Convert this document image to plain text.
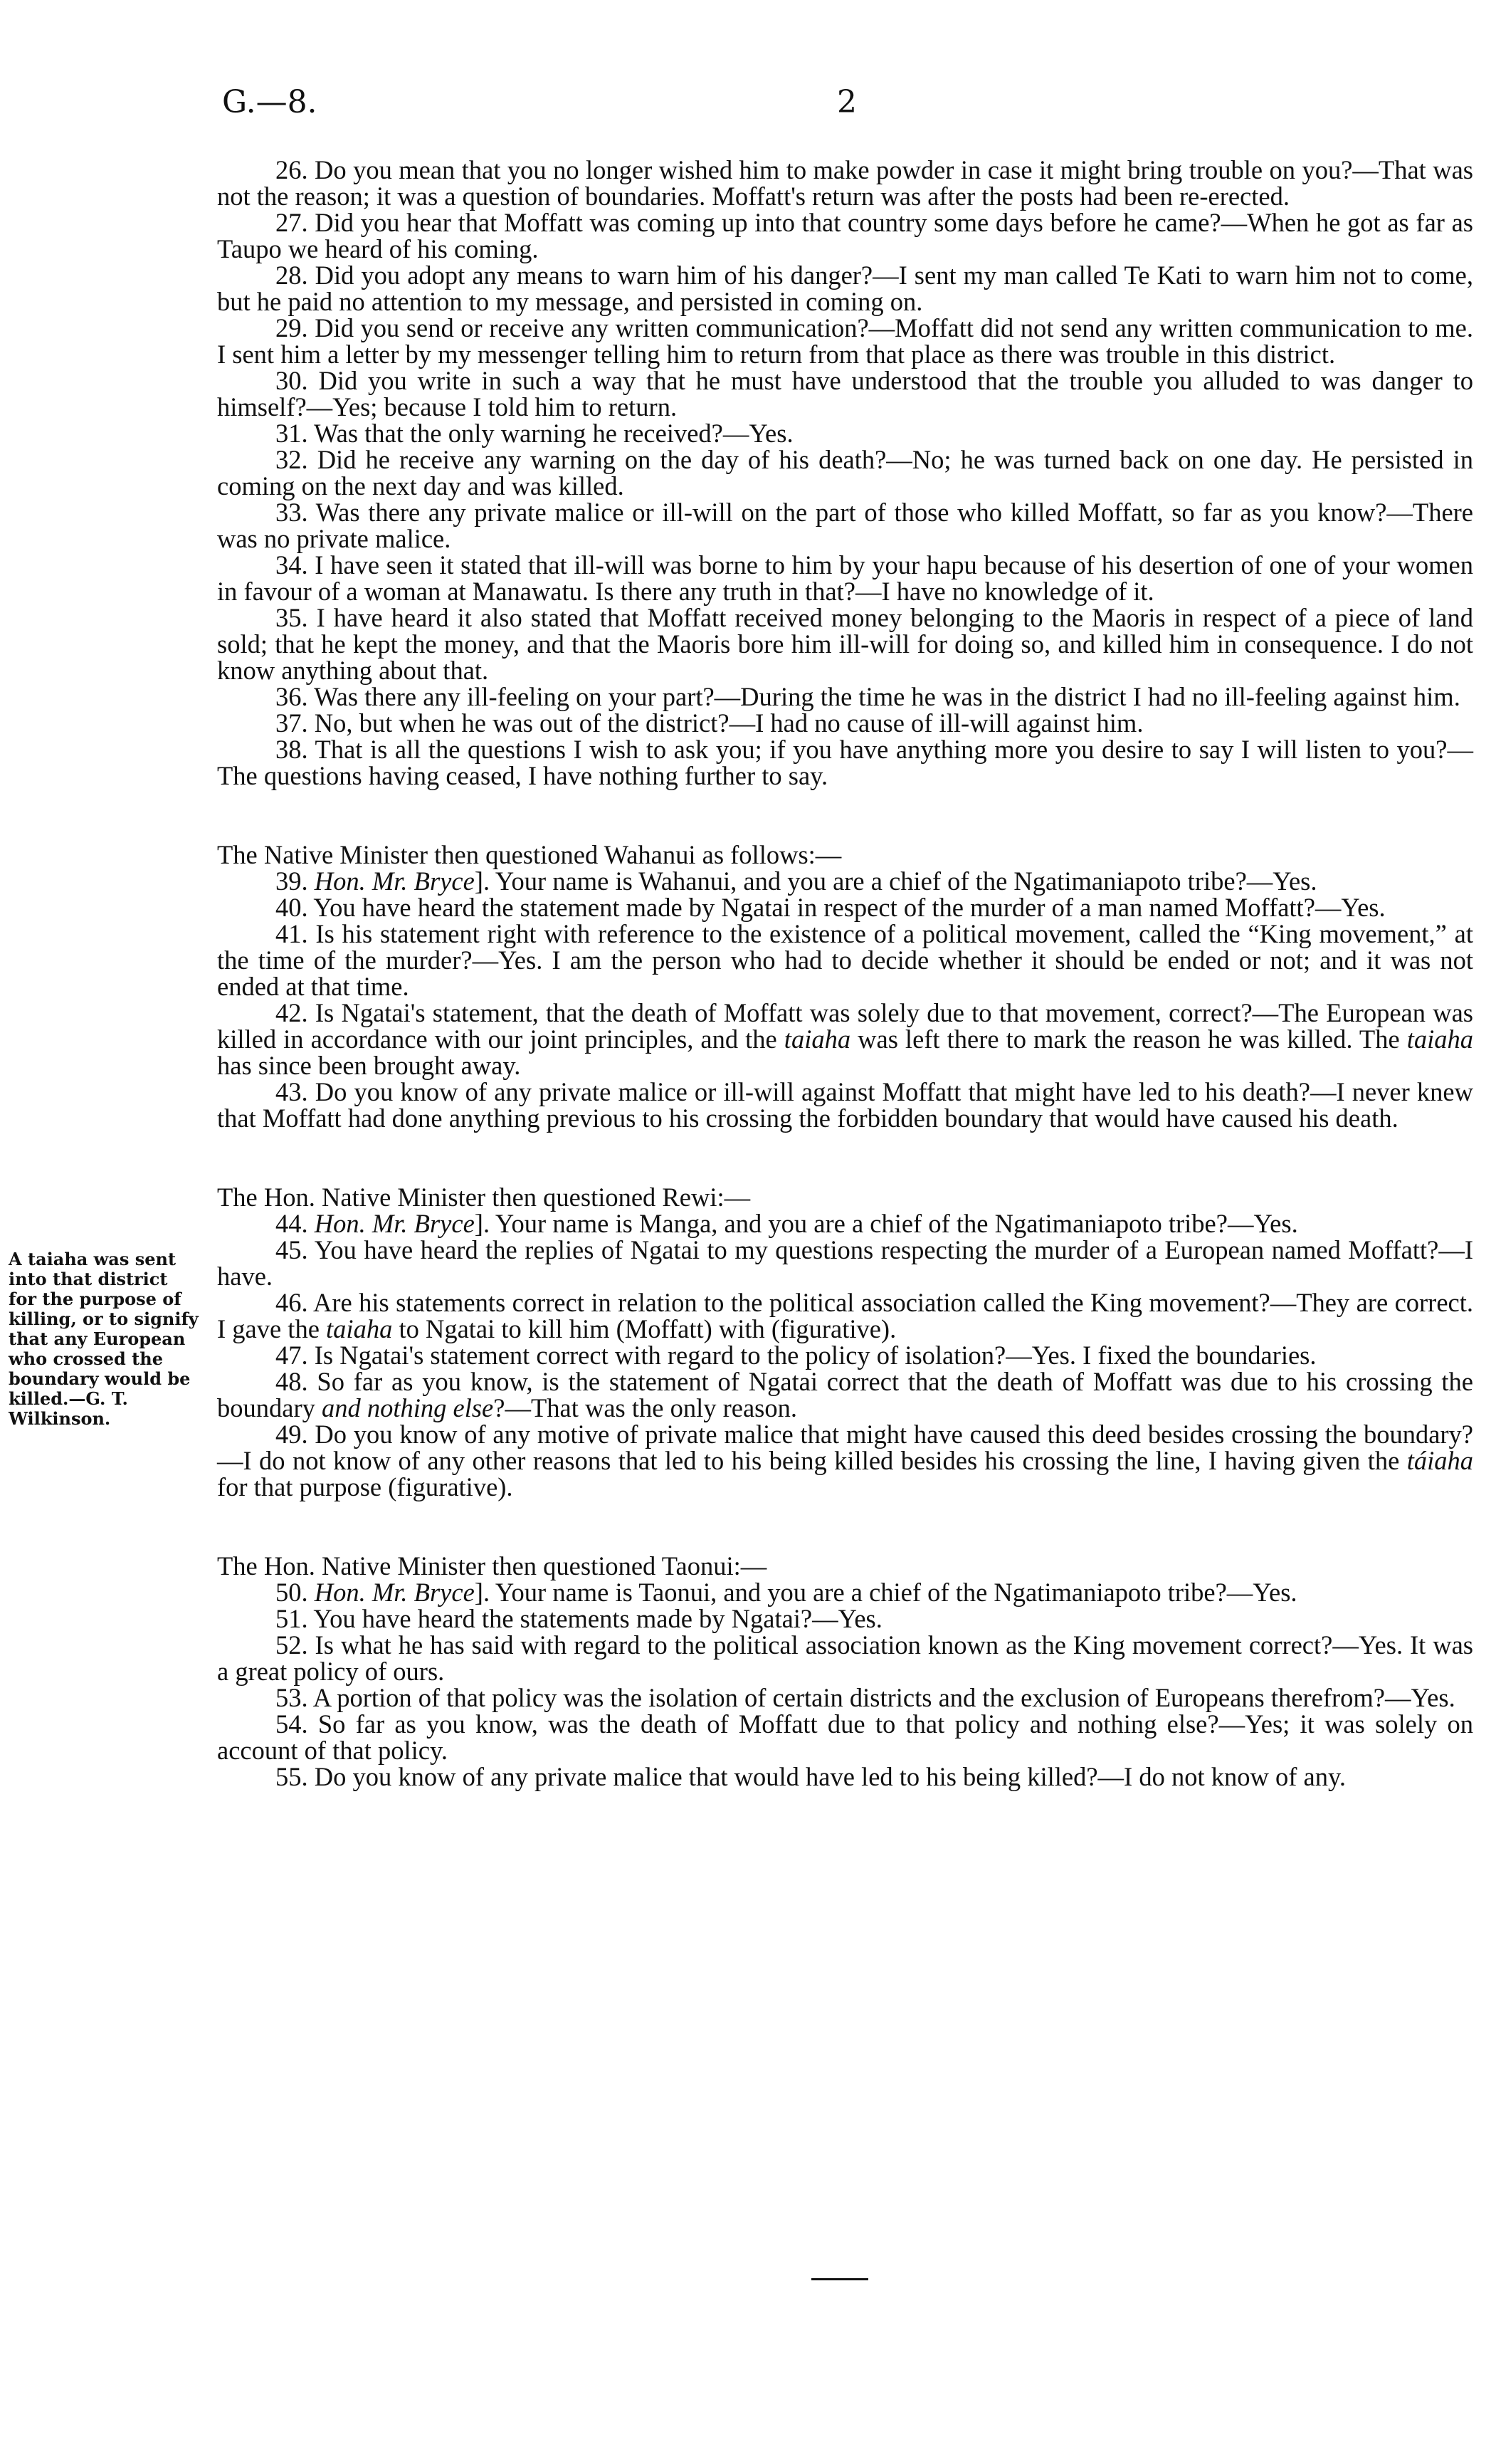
G.—8.	2
A taiaha was sent into that district for the purpose of killing, or to signify that any European who crossed the boundary would be killed.—G. T. Wilkinson.

26. Do you mean that you no longer wished him to make powder in case it might bring trouble on you?—That was not the reason; it was a question of boundaries. Moffatt's return was after the posts had been re-erected.

27. Did you hear that Moffatt was coming up into that country some days before he came?—When he got as far as Taupo we heard of his coming.

28. Did you adopt any means to warn him of his danger?—I sent my man called Te Kati to warn him not to come, but he paid no attention to my message, and persisted in coming on.

29. Did you send or receive any written communication?—Moffatt did not send any written communication to me. I sent him a letter by my messenger telling him to return from that place as there was trouble in this district.

30. Did you write in such a way that he must have understood that the trouble you alluded to was danger to himself?—Yes; because I told him to return.

31. Was that the only warning he received?—Yes.

32. Did he receive any warning on the day of his death?—No; he was turned back on one day. He persisted in coming on the next day and was killed.

33. Was there any private malice or ill-will on the part of those who killed Moffatt, so far as you know?—There was no private malice.

34. I have seen it stated that ill-will was borne to him by your hapu because of his desertion of one of your women in favour of a woman at Manawatu. Is there any truth in that?—I have no knowledge of it.

35. I have heard it also stated that Moffatt received money belonging to the Maoris in respect of a piece of land sold; that he kept the money, and that the Maoris bore him ill-will for doing so, and killed him in consequence. I do not know anything about that.

36. Was there any ill-feeling on your part?—During the time he was in the district I had no ill-feeling against him.

37. No, but when he was out of the district?—I had no cause of ill-will against him.

38. That is all the questions I wish to ask you; if you have anything more you desire to say I will listen to you?—The questions having ceased, I have nothing further to say.

The Native Minister then questioned Wahanui as follows:—

39. Hon. Mr. Bryce]. Your name is Wahanui, and you are a chief of the Ngatimaniapoto tribe?—Yes.

40. You have heard the statement made by Ngatai in respect of the murder of a man named Moffatt?—Yes.

41. Is his statement right with reference to the existence of a political movement, called the “King movement,” at the time of the murder?—Yes. I am the person who had to decide whether it should be ended or not; and it was not ended at that time.

42. Is Ngatai's statement, that the death of Moffatt was solely due to that movement, correct?—The European was killed in accordance with our joint principles, and the taiaha was left there to mark the reason he was killed. The taiaha has since been brought away.

43. Do you know of any private malice or ill-will against Moffatt that might have led to his death?—I never knew that Moffatt had done anything previous to his crossing the forbidden boundary that would have caused his death.

The Hon. Native Minister then questioned Rewi:—

44. Hon. Mr. Bryce]. Your name is Manga, and you are a chief of the Ngatimaniapoto tribe?—Yes.

45. You have heard the replies of Ngatai to my questions respecting the murder of a European named Moffatt?—I have.

46. Are his statements correct in relation to the political association called the King movement?—They are correct. I gave the taiaha to Ngatai to kill him (Moffatt) with (figurative).

47. Is Ngatai's statement correct with regard to the policy of isolation?—Yes. I fixed the boundaries.

48. So far as you know, is the statement of Ngatai correct that the death of Moffatt was due to his crossing the boundary and nothing else?—That was the only reason.

49. Do you know of any motive of private malice that might have caused this deed besides crossing the boundary?—I do not know of any other reasons that led to his being killed besides his crossing the line, I having given the táiaha for that purpose (figurative).

The Hon. Native Minister then questioned Taonui:—

50. Hon. Mr. Bryce]. Your name is Taonui, and you are a chief of the Ngatimaniapoto tribe?—Yes.

51. You have heard the statements made by Ngatai?—Yes.

52. Is what he has said with regard to the political association known as the King movement correct?—Yes. It was a great policy of ours.

53. A portion of that policy was the isolation of certain districts and the exclusion of Europeans therefrom?—Yes.

54. So far as you know, was the death of Moffatt due to that policy and nothing else?—Yes; it was solely on account of that policy.

55. Do you know of any private malice that would have led to his being killed?—I do not know of any.
